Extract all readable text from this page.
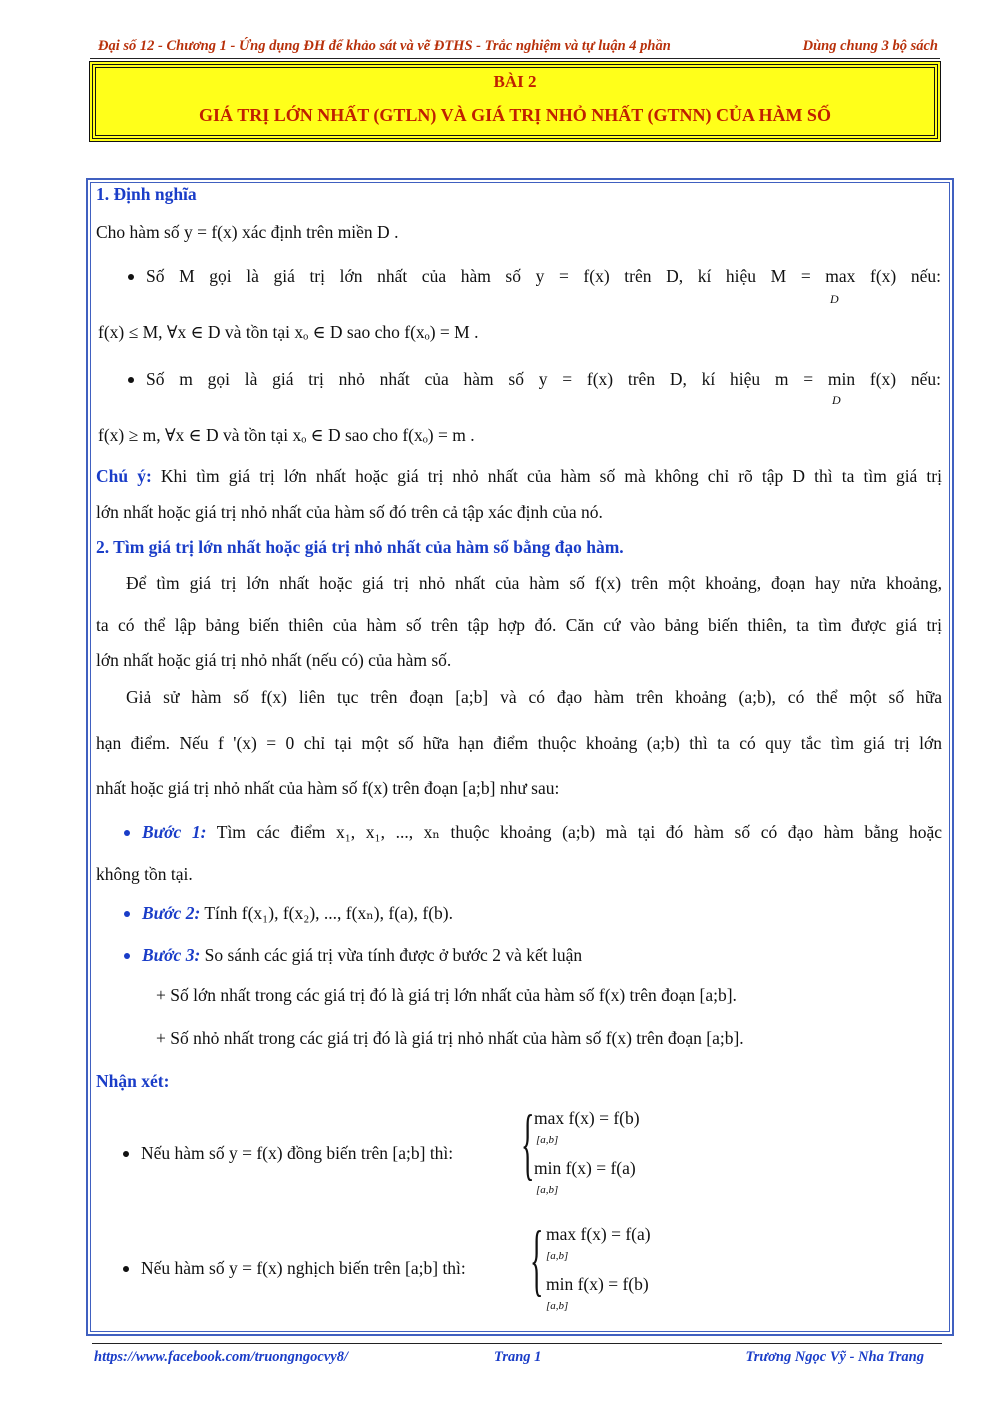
Đại số 12 - Chương 1 - Ứng dụng ĐH để khảo sát và vẽ ĐTHS - Trắc nghiệm và tự luận 4 phần	Dùng chung 3 bộ sách
BÀI 2
GIÁ TRỊ LỚN NHẤT (GTLN) VÀ GIÁ TRỊ NHỎ NHẤT (GTNN) CỦA HÀM SỐ
1. Định nghĩa
Cho hàm số y = f(x) xác định trên miền D .
Số M gọi là giá trị lớn nhất của hàm số y = f(x) trên D, kí hiệu M = max f(x) nếu:
D
f(x) ≤ M, ∀x ∈ D và tồn tại xₒ ∈ D sao cho f(xₒ) = M .
Số m gọi là giá trị nhỏ nhất của hàm số y = f(x) trên D, kí hiệu m = min f(x) nếu:
D
f(x) ≥ m, ∀x ∈ D và tồn tại xₒ ∈ D sao cho f(xₒ) = m .
Chú ý: Khi tìm giá trị lớn nhất hoặc giá trị nhỏ nhất của hàm số mà không chỉ rõ tập D thì ta tìm giá trị
lớn nhất hoặc giá trị nhỏ nhất của hàm số đó trên cả tập xác định của nó.
2. Tìm giá trị lớn nhất hoặc giá trị nhỏ nhất của hàm số bằng đạo hàm.
Để tìm giá trị lớn nhất hoặc giá trị nhỏ nhất của hàm số f(x) trên một khoảng, đoạn hay nửa khoảng,
ta có thể lập bảng biến thiên của hàm số trên tập hợp đó. Căn cứ vào bảng biến thiên, ta tìm được giá trị
lớn nhất hoặc giá trị nhỏ nhất (nếu có) của hàm số.
Giả sử hàm số f(x) liên tục trên đoạn [a;b] và có đạo hàm trên khoảng (a;b), có thể một số hữa
hạn điểm. Nếu f '(x) = 0 chỉ tại một số hữa hạn điểm thuộc khoảng (a;b) thì ta có quy tắc tìm giá trị lớn
nhất hoặc giá trị nhỏ nhất của hàm số f(x) trên đoạn [a;b] như sau:
Bước 1: Tìm các điểm x₁, x₁, ..., xₙ thuộc khoảng (a;b) mà tại đó hàm số có đạo hàm bằng hoặc
không tồn tại.
Bước 2: Tính f(x₁), f(x₂), ..., f(xₙ), f(a), f(b).
Bước 3: So sánh các giá trị vừa tính được ở bước 2 và kết luận
+ Số lớn nhất trong các giá trị đó là giá trị lớn nhất của hàm số f(x) trên đoạn [a;b].
+ Số nhỏ nhất trong các giá trị đó là giá trị nhỏ nhất của hàm số f(x) trên đoạn [a;b].
Nhận xét:
Nếu hàm số y = f(x) đồng biến trên [a;b] thì: { max f(x) = f(b)
[a,b]
min f(x) = f(a)
[a,b]
Nếu hàm số y = f(x) nghịch biến trên [a;b] thì: { max f(x) = f(a)
[a,b]
min f(x) = f(b)
[a,b]
https://www.facebook.com/truongngocvy8/	Trang 1	Trương Ngọc Vỹ - Nha Trang
